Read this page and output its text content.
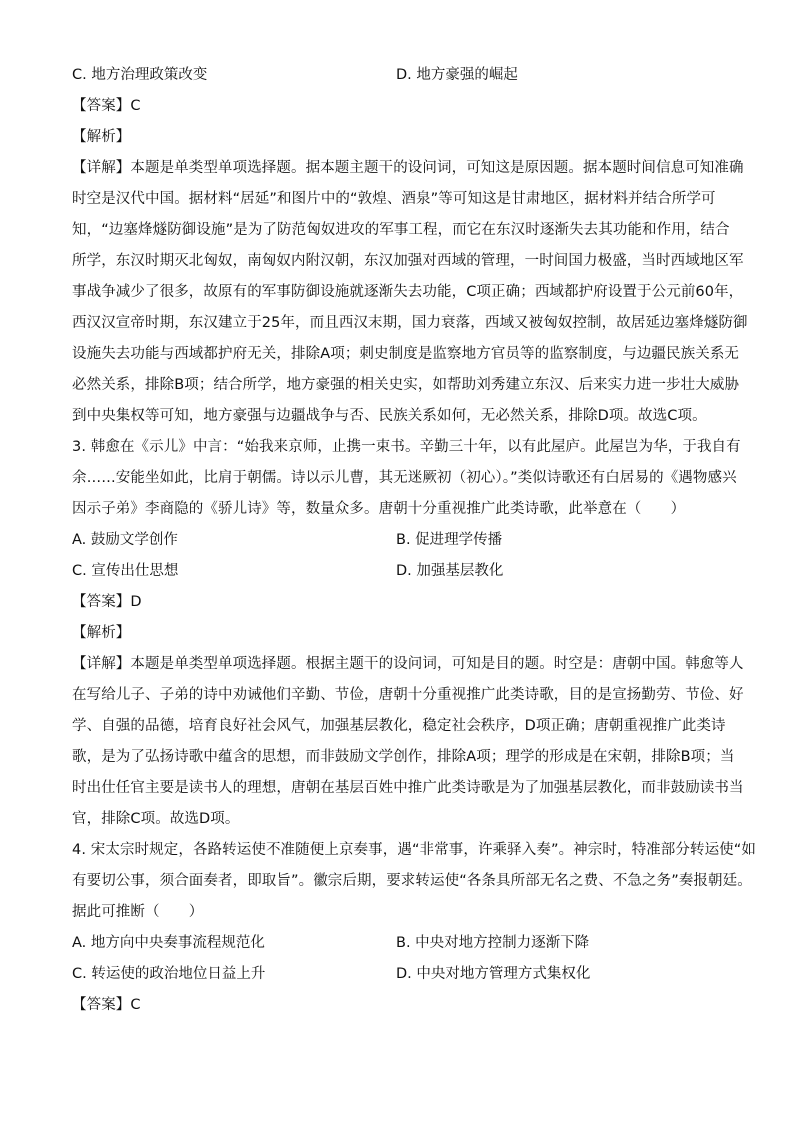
C. 地方治理政策改变	D. 地方豪强的崛起
【答案】C
【解析】
【详解】本题是单类型单项选择题。据本题主题干的设问词，可知这是原因题。据本题时间信息可知准确
时空是汉代中国。据材料“居延”和图片中的“敦煌、酒泉”等可知这是甘肃地区，据材料并结合所学可
知，“边塞烽燧防御设施”是为了防范匈奴进攻的军事工程，而它在东汉时逐渐失去其功能和作用，结合
所学，东汉时期灭北匈奴，南匈奴内附汉朝，东汉加强对西域的管理，一时间国力极盛，当时西域地区军
事战争减少了很多，故原有的军事防御设施就逐渐失去功能，C项正确；西域都护府设置于公元前60年，
西汉汉宣帝时期，东汉建立于25年，而且西汉末期，国力衰落，西域又被匈奴控制，故居延边塞烽燧防御
设施失去功能与西域都护府无关，排除A项；刺史制度是监察地方官员等的监察制度，与边疆民族关系无
必然关系，排除B项；结合所学，地方豪强的相关史实，如帮助刘秀建立东汉、后来实力进一步壮大威胁
到中央集权等可知，地方豪强与边疆战争与否、民族关系如何，无必然关系，排除D项。故选C项。
3. 韩愈在《示儿》中言：“始我来京师，止携一束书。辛勤三十年，以有此屋庐。此屋岂为华，于我自有
余……安能坐如此，比肩于朝儒。诗以示儿曹，其无迷厥初（初心）。”类似诗歌还有白居易的《遇物感兴
因示子弟》李商隐的《骄儿诗》等，数量众多。唐朝十分重视推广此类诗歌，此举意在（　　）
A. 鼓励文学创作	B. 促进理学传播
C. 宣传出仕思想	D. 加强基层教化
【答案】D
【解析】
【详解】本题是单类型单项选择题。根据主题干的设问词，可知是目的题。时空是：唐朝中国。韩愈等人
在写给儿子、子弟的诗中劝诫他们辛勤、节俭，唐朝十分重视推广此类诗歌，目的是宣扬勤劳、节俭、好
学、自强的品德，培育良好社会风气，加强基层教化，稳定社会秩序，D项正确；唐朝重视推广此类诗
歌，是为了弘扬诗歌中蕴含的思想，而非鼓励文学创作，排除A项；理学的形成是在宋朝，排除B项；当
时出仕任官主要是读书人的理想，唐朝在基层百姓中推广此类诗歌是为了加强基层教化，而非鼓励读书当
官，排除C项。故选D项。
4. 宋太宗时规定，各路转运使不准随便上京奏事，遇“非常事，许乘驿入奏”。神宗时，特准部分转运使“如
有要切公事，须合面奏者，即取旨”。徽宗后期，要求转运使“各条具所部无名之费、不急之务”奏报朝廷。
据此可推断（　　）
A. 地方向中央奏事流程规范化	B. 中央对地方控制力逐渐下降
C. 转运使的政治地位日益上升	D. 中央对地方管理方式集权化
【答案】C
